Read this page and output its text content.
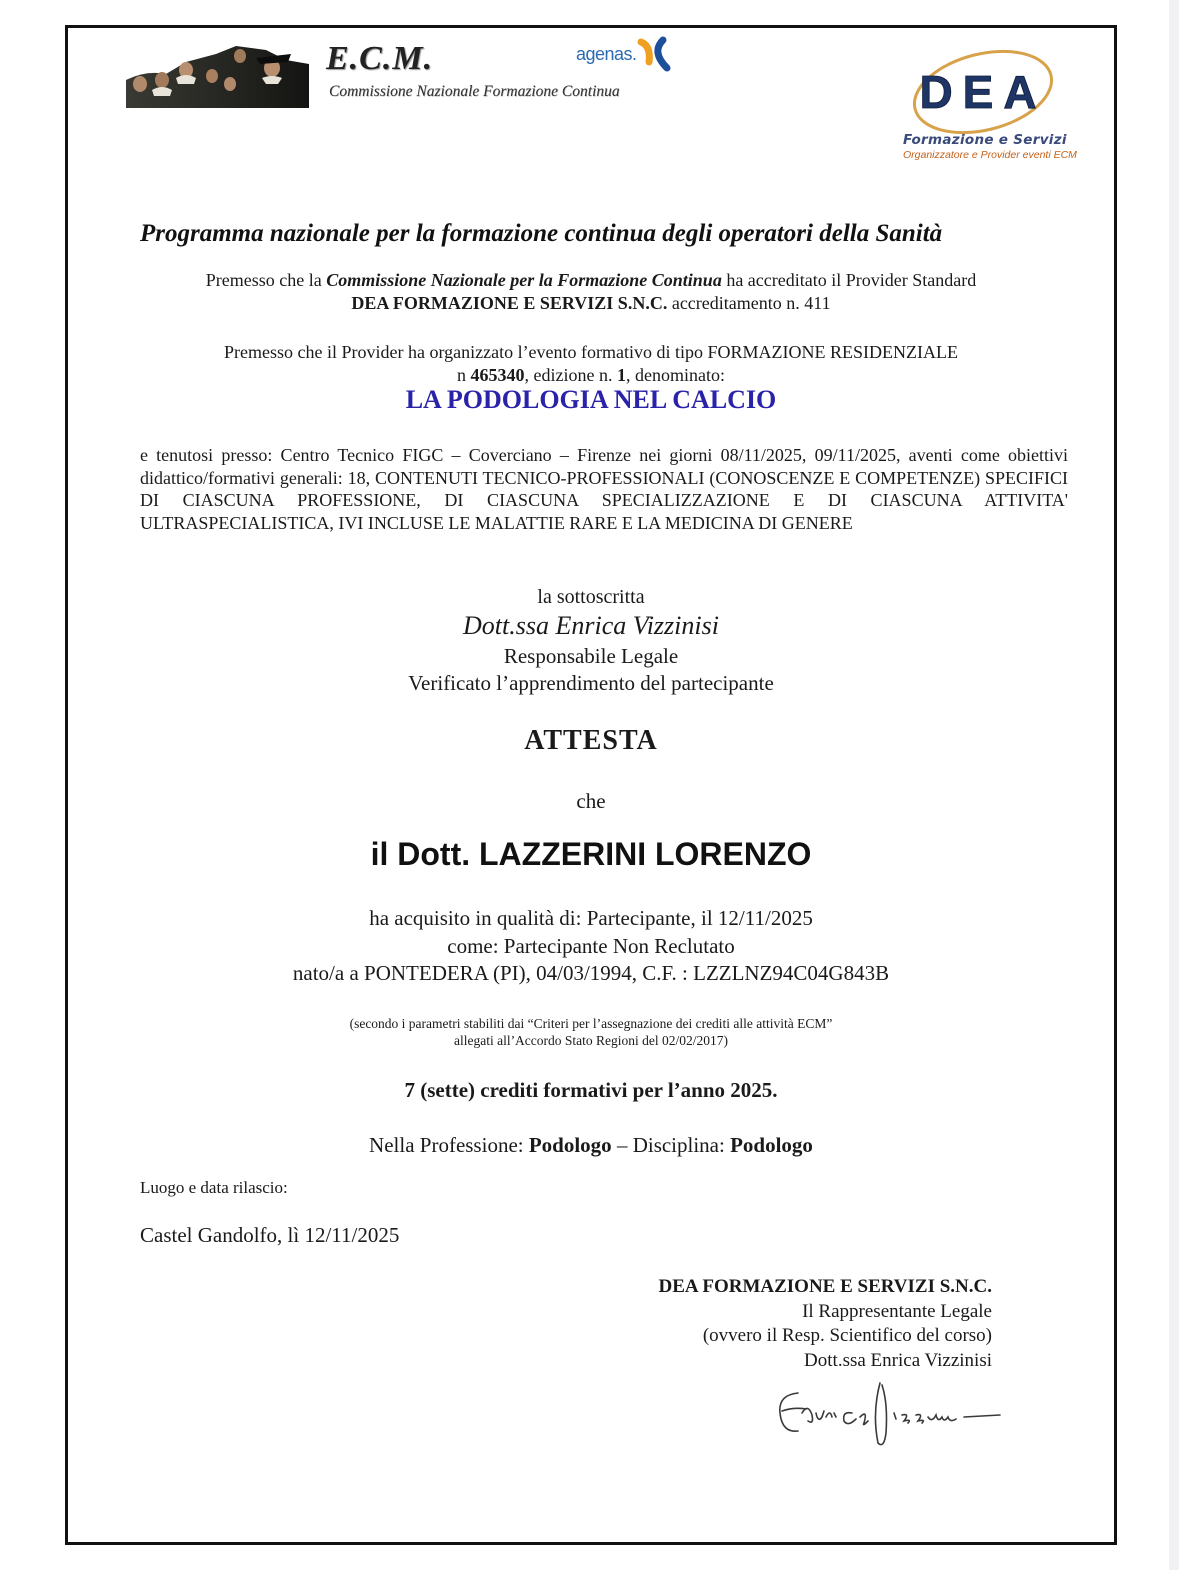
E.C.M.
Commissione Nazionale Formazione Continua
agenas.
DEA
Formazione e Servizi
Organizzatore e Provider eventi ECM
Programma nazionale per la formazione continua degli operatori della Sanità
Premesso che la Commissione Nazionale per la Formazione Continua ha accreditato il Provider Standard
DEA FORMAZIONE E SERVIZI S.N.C. accreditamento n. 411
Premesso che il Provider ha organizzato l’evento formativo di tipo FORMAZIONE RESIDENZIALE
n 465340, edizione n. 1, denominato:
LA PODOLOGIA NEL CALCIO
e tenutosi presso: Centro Tecnico FIGC – Coverciano – Firenze nei giorni 08/11/2025, 09/11/2025, aventi come obiettivi didattico/formativi generali: 18, CONTENUTI TECNICO-PROFESSIONALI (CONOSCENZE E COMPETENZE) SPECIFICI DI CIASCUNA PROFESSIONE, DI CIASCUNA SPECIALIZZAZIONE E DI CIASCUNA ATTIVITA' ULTRASPECIALISTICA, IVI INCLUSE LE MALATTIE RARE E LA MEDICINA DI GENERE
la sottoscritta
Dott.ssa Enrica Vizzinisi
Responsabile Legale
Verificato l’apprendimento del partecipante
ATTESTA
che
il Dott. LAZZERINI LORENZO
ha acquisito in qualità di: Partecipante, il 12/11/2025
come: Partecipante Non Reclutato
nato/a a PONTEDERA (PI), 04/03/1994, C.F. : LZZLNZ94C04G843B
(secondo i parametri stabiliti dai “Criteri per l’assegnazione dei crediti alle attività ECM”
allegati all’Accordo Stato Regioni del 02/02/2017)
7 (sette) crediti formativi per l’anno 2025.
Nella Professione: Podologo – Disciplina: Podologo
Luogo e data rilascio:
Castel Gandolfo, lì 12/11/2025
DEA FORMAZIONE E SERVIZI S.N.C.
Il Rappresentante Legale
(ovvero il Resp. Scientifico del corso)
Dott.ssa Enrica Vizzinisi
